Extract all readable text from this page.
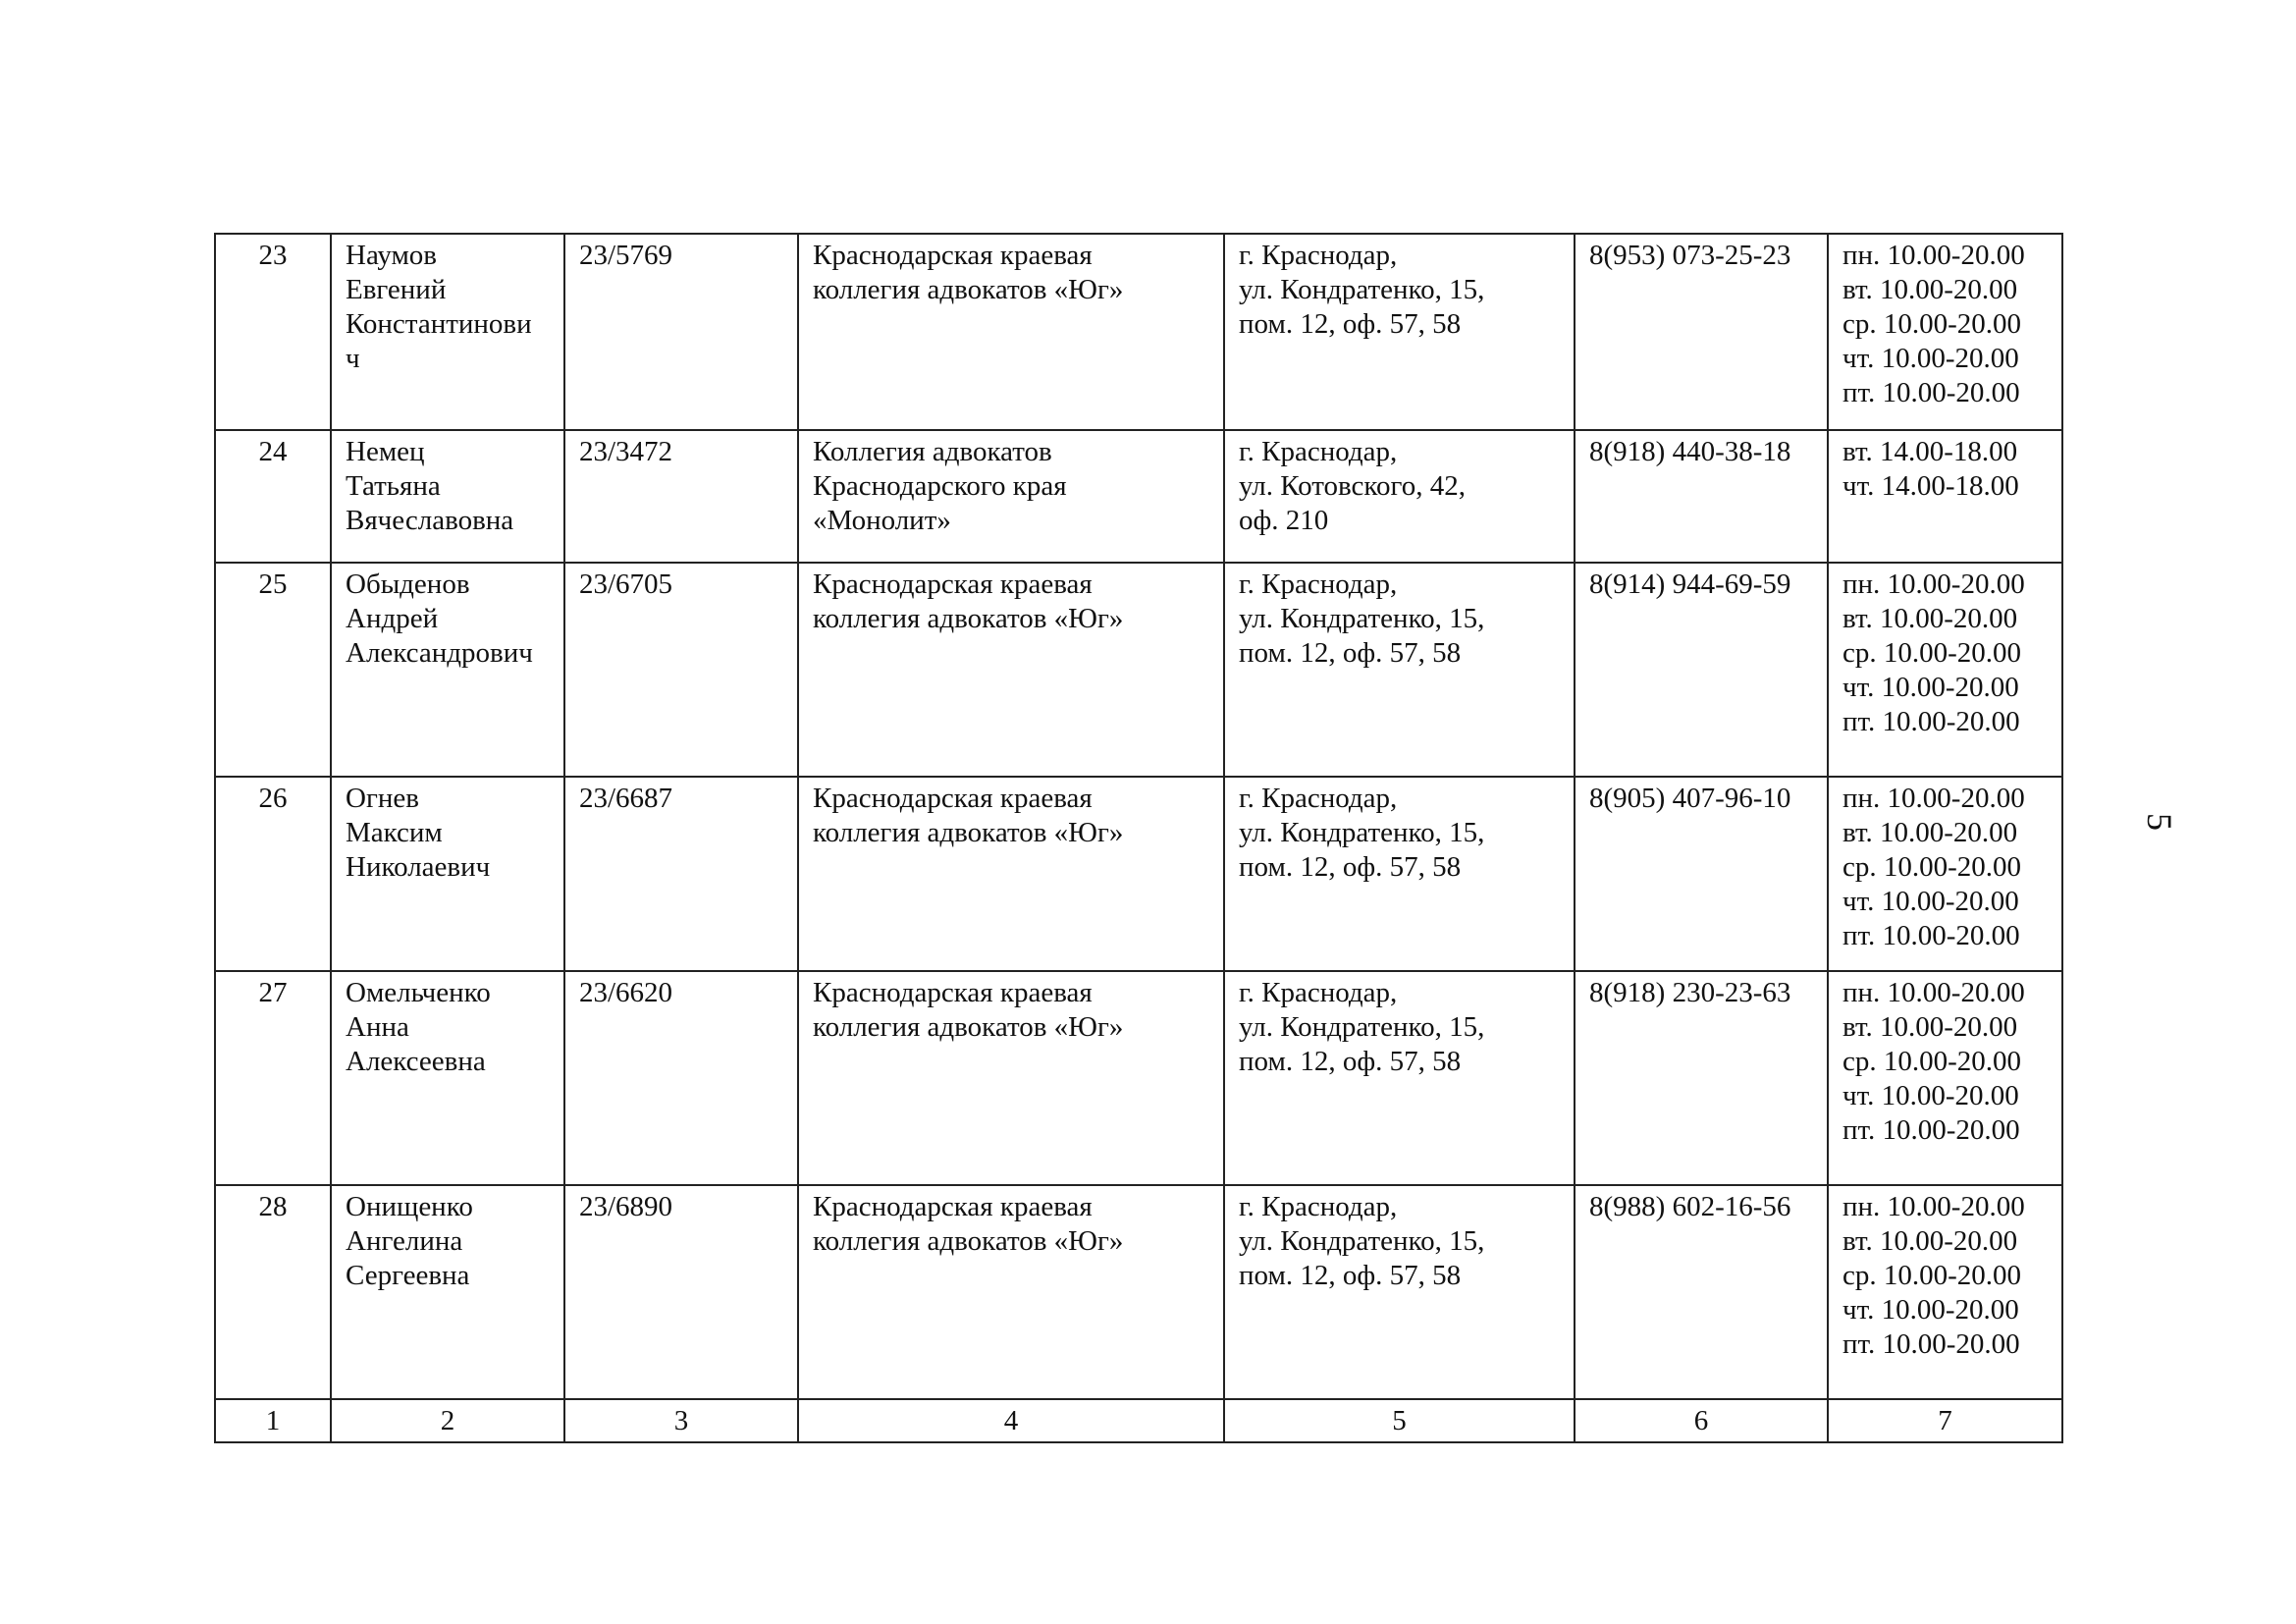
23	Наумов
Евгений
Константинови
ч	23/5769	Краснодарская краевая
коллегия адвокатов «Юг»	г. Краснодар,
ул. Кондратенко, 15,
пом. 12, оф. 57, 58	8(953) 073-25-23	пн. 10.00-20.00
вт. 10.00-20.00
ср. 10.00-20.00
чт. 10.00-20.00
пт. 10.00-20.00
24	Немец
Татьяна
Вячеславовна	23/3472	Коллегия адвокатов
Краснодарского края
«Монолит»	г. Краснодар,
ул. Котовского, 42,
оф. 210	8(918) 440-38-18	вт. 14.00-18.00
чт. 14.00-18.00
25	Обыденов
Андрей
Александрович	23/6705	Краснодарская краевая
коллегия адвокатов «Юг»	г. Краснодар,
ул. Кондратенко, 15,
пом. 12, оф. 57, 58	8(914) 944-69-59	пн. 10.00-20.00
вт. 10.00-20.00
ср. 10.00-20.00
чт. 10.00-20.00
пт. 10.00-20.00
26	Огнев
Максим
Николаевич	23/6687	Краснодарская краевая
коллегия адвокатов «Юг»	г. Краснодар,
ул. Кондратенко, 15,
пом. 12, оф. 57, 58	8(905) 407-96-10	пн. 10.00-20.00
вт. 10.00-20.00
ср. 10.00-20.00
чт. 10.00-20.00
пт. 10.00-20.00
27	Омельченко
Анна
Алексеевна	23/6620	Краснодарская краевая
коллегия адвокатов «Юг»	г. Краснодар,
ул. Кондратенко, 15,
пом. 12, оф. 57, 58	8(918) 230-23-63	пн. 10.00-20.00
вт. 10.00-20.00
ср. 10.00-20.00
чт. 10.00-20.00
пт. 10.00-20.00
28	Онищенко
Ангелина
Сергеевна	23/6890	Краснодарская краевая
коллегия адвокатов «Юг»	г. Краснодар,
ул. Кондратенко, 15,
пом. 12, оф. 57, 58	8(988) 602-16-56	пн. 10.00-20.00
вт. 10.00-20.00
ср. 10.00-20.00
чт. 10.00-20.00
пт. 10.00-20.00
1	2	3	4	5	6	7
5
